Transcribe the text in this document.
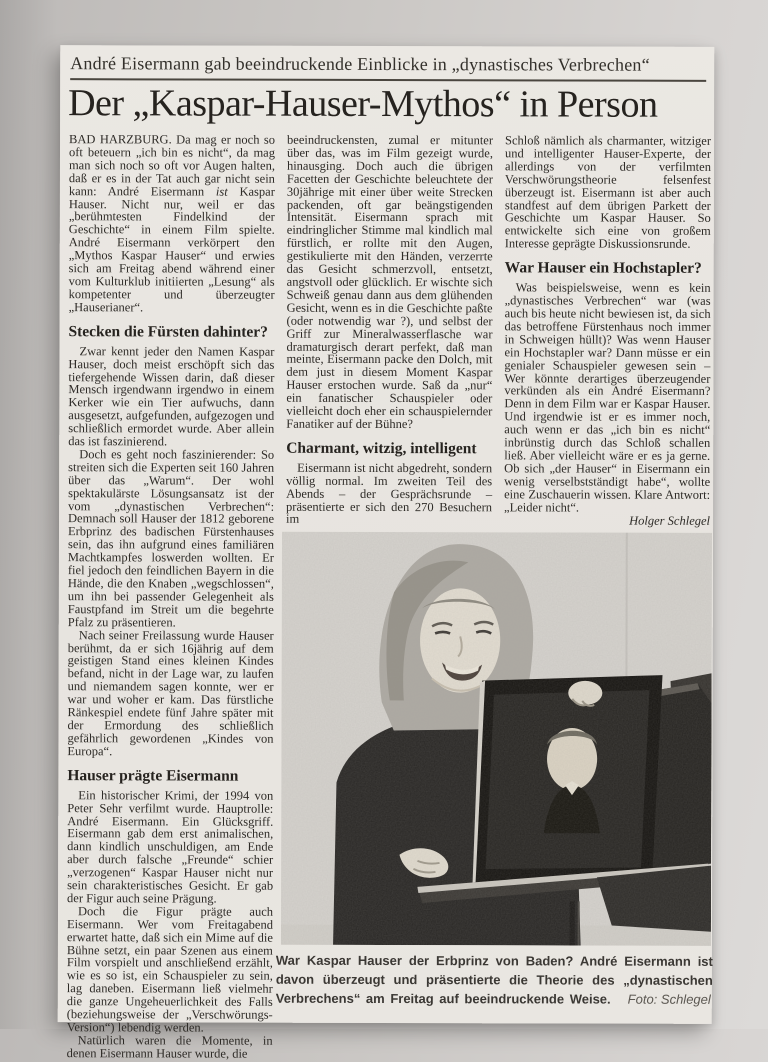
André Eisermann gab beeindruckende Einblicke in „dynastisches Verbrechen“
Der „Kaspar-Hauser-Mythos“ in Person

BAD HARZBURG. Da mag er noch so oft beteuern „ich bin es nicht“, da mag man sich noch so oft vor Augen halten, daß er es in der Tat auch gar nicht sein kann: André Eisermann ist Kaspar Hauser. Nicht nur, weil er das „berühmtesten Findelkind der Geschichte“ in einem Film spielte. André Eisermann verkörpert den „Mythos Kaspar Hauser“ und erwies sich am Freitag abend während einer vom Kulturklub initiierten „Lesung“ als kompetenter und überzeugter „Hauserianer“.

Stecken die Fürsten dahinter?

Zwar kennt jeder den Namen Kaspar Hauser, doch meist erschöpft sich das tiefergehende Wissen darin, daß dieser Mensch irgendwann irgendwo in einem Kerker wie ein Tier aufwuchs, dann ausgesetzt, aufgefunden, aufgezogen und schließlich ermordet wurde. Aber allein das ist faszinierend.

Doch es geht noch faszinierender: So streiten sich die Experten seit 160 Jahren über das „Warum“. Der wohl spektakulärste Lösungsansatz ist der vom „dynastischen Verbrechen“: Demnach soll Hauser der 1812 geborene Erbprinz des badischen Fürstenhauses sein, das ihn aufgrund eines familiären Machtkampfes loswerden wollten. Er fiel jedoch den feindlichen Bayern in die Hände, die den Knaben „wegschlossen“, um ihn bei passender Gelegenheit als Faustpfand im Streit um die begehrte Pfalz zu präsentieren.

Nach seiner Freilassung wurde Hauser berühmt, da er sich 16jährig auf dem geistigen Stand eines kleinen Kindes befand, nicht in der Lage war, zu laufen und niemandem sagen konnte, wer er war und woher er kam. Das fürstliche Ränkespiel endete fünf Jahre später mit der Ermordung des schließlich gefährlich gewordenen „Kindes von Europa“.

Hauser prägte Eisermann

Ein historischer Krimi, der 1994 von Peter Sehr verfilmt wurde. Hauptrolle: André Eisermann. Ein Glücksgriff. Eisermann gab dem erst animalischen, dann kindlich unschuldigen, am Ende aber durch falsche „Freunde“ schier „verzogenen“ Kaspar Hauser nicht nur sein charakteristisches Gesicht. Er gab der Figur auch seine Prägung.

Doch die Figur prägte auch Eisermann. Wer vom Freitagabend erwartet hatte, daß sich ein Mime auf die Bühne setzt, ein paar Szenen aus einem Film vorspielt und anschließend erzählt, wie es so ist, ein Schauspieler zu sein, lag daneben. Eisermann ließ vielmehr die ganze Ungeheuerlichkeit des Falls (beziehungsweise der „Verschwörungs-Version“) lebendig werden.

Natürlich waren die Momente, in denen Eisermann Hauser wurde, die

beeindruckensten, zumal er mitunter über das, was im Film gezeigt wurde, hinausging. Doch auch die übrigen Facetten der Geschichte beleuchtete der 30jährige mit einer über weite Strecken packenden, oft gar beängstigenden Intensität. Eisermann sprach mit eindringlicher Stimme mal kindlich mal fürstlich, er rollte mit den Augen, gestikulierte mit den Händen, verzerrte das Gesicht schmerzvoll, entsetzt, angstvoll oder glücklich. Er wischte sich Schweiß genau dann aus dem glühenden Gesicht, wenn es in die Geschichte paßte (oder notwendig war ?), und selbst der Griff zur Mineralwasserflasche war dramaturgisch derart perfekt, daß man meinte, Eisermann packe den Dolch, mit dem just in diesem Moment Kaspar Hauser erstochen wurde. Saß da „nur“ ein fanatischer Schauspieler oder vielleicht doch eher ein schauspielernder Fanatiker auf der Bühne?

Charmant, witzig, intelligent

Eisermann ist nicht abgedreht, sondern völlig normal. Im zweiten Teil des Abends – der Gesprächsrunde – präsentierte er sich den 270 Besuchern im

Schloß nämlich als charmanter, witziger und intelligenter Hauser-Experte, der allerdings von der verfilmten Verschwörungstheorie felsenfest überzeugt ist. Eisermann ist aber auch standfest auf dem übrigen Parkett der Geschichte um Kaspar Hauser. So entwickelte sich eine von großem Interesse geprägte Diskussionsrunde.

War Hauser ein Hochstapler?

Was beispielsweise, wenn es kein „dynastisches Verbrechen“ war (was auch bis heute nicht bewiesen ist, da sich das betroffene Fürstenhaus noch immer in Schweigen hüllt)? Was wenn Hauser ein Hochstapler war? Dann müsse er ein genialer Schauspieler gewesen sein – Wer könnte derartiges überzeugender verkünden als ein André Eisermann? Denn in dem Film war er Kaspar Hauser. Und irgendwie ist er es immer noch, auch wenn er das „ich bin es nicht“ inbrünstig durch das Schloß schallen ließ. Aber vielleicht wäre er es ja gerne. Ob sich „der Hauser“ in Eisermann ein wenig verselbstständigt habe“, wollte eine Zuschauerin wissen. Klare Antwort: „Leider nicht“.

Holger Schlegel
War Kaspar Hauser der Erbprinz von Baden? André Eisermann ist davon überzeugt und präsentierte die Theorie des „dynastischen Verbrechens“ am Freitag auf beeindruckende Weise. Foto: Schlegel
